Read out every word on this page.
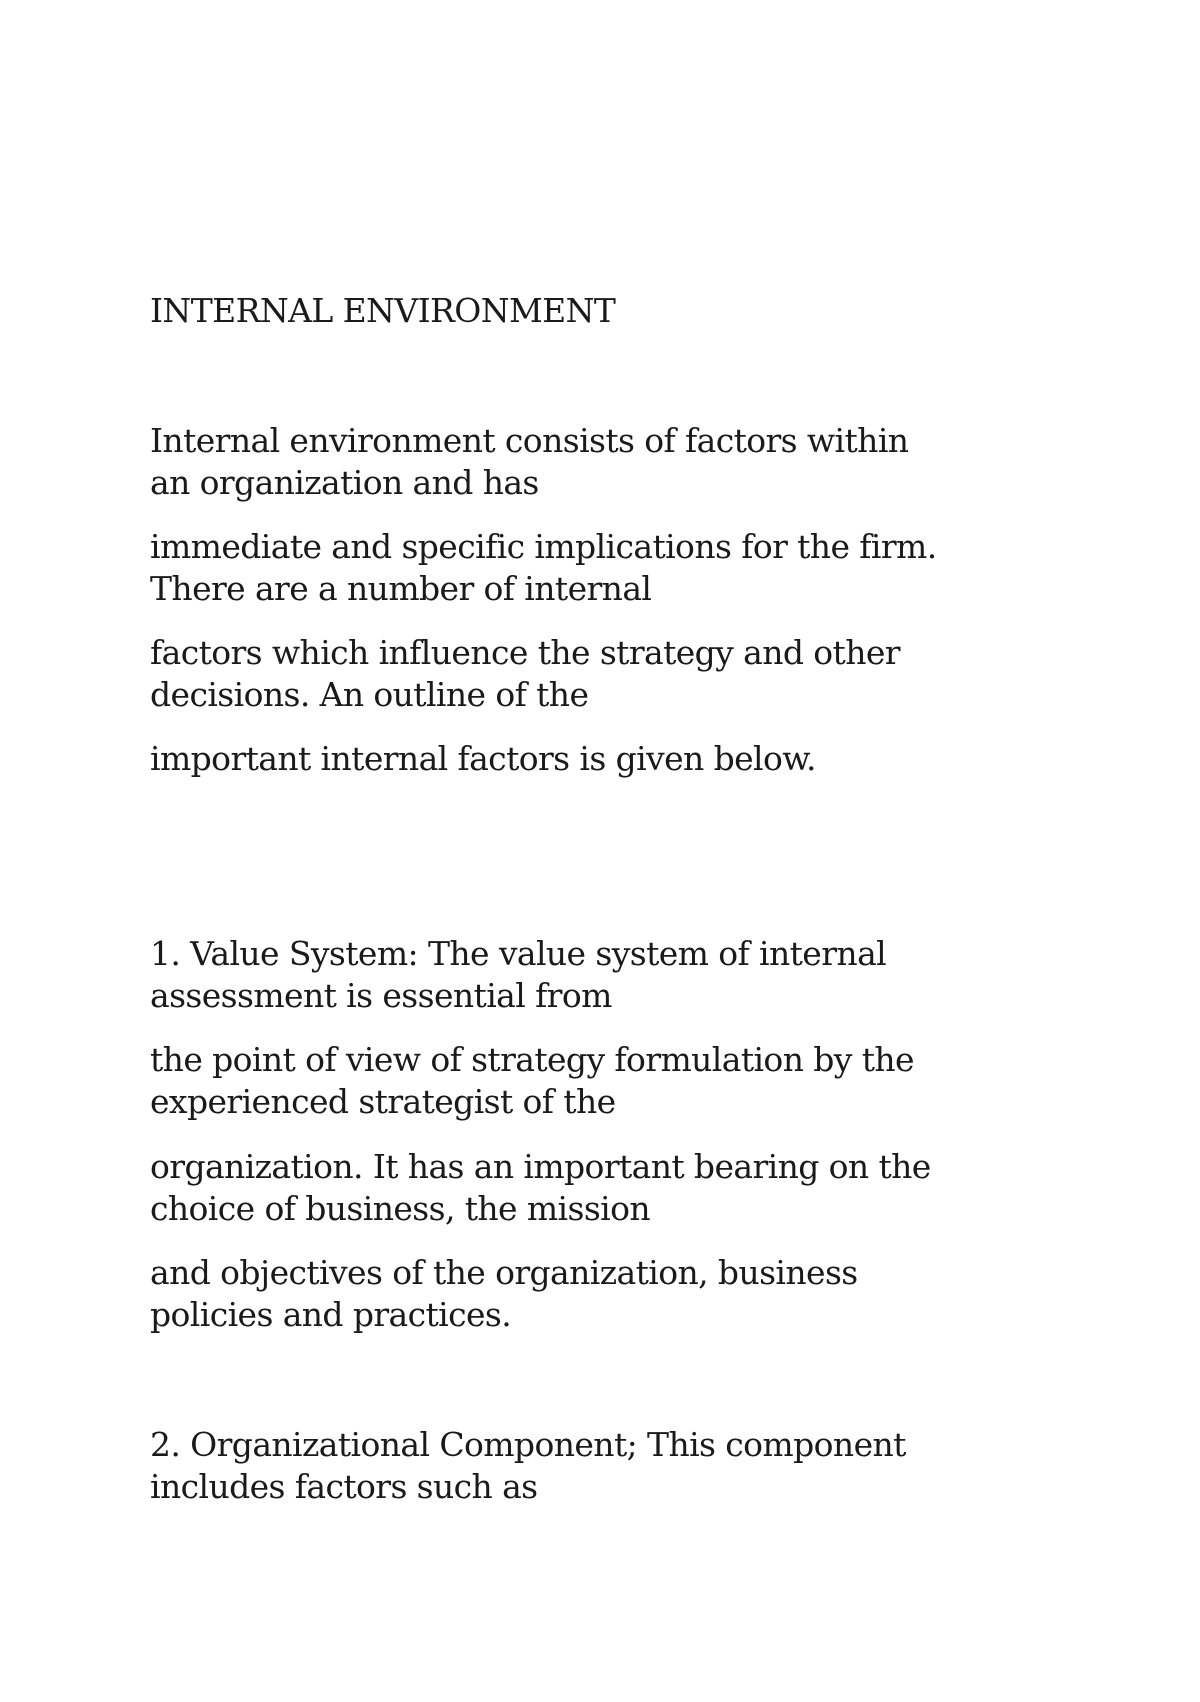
INTERNAL ENVIRONMENT

Internal environment consists of factors within

an organization and has

immediate and specific implications for the firm.

There are a number of internal

factors which influence the strategy and other

decisions. An outline of the

important internal factors is given below.

1. Value System: The value system of internal

assessment is essential from

the point of view of strategy formulation by the

experienced strategist of the

organization. It has an important bearing on the

choice of business, the mission

and objectives of the organization, business

policies and practices.

2. Organizational Component; This component

includes factors such as
